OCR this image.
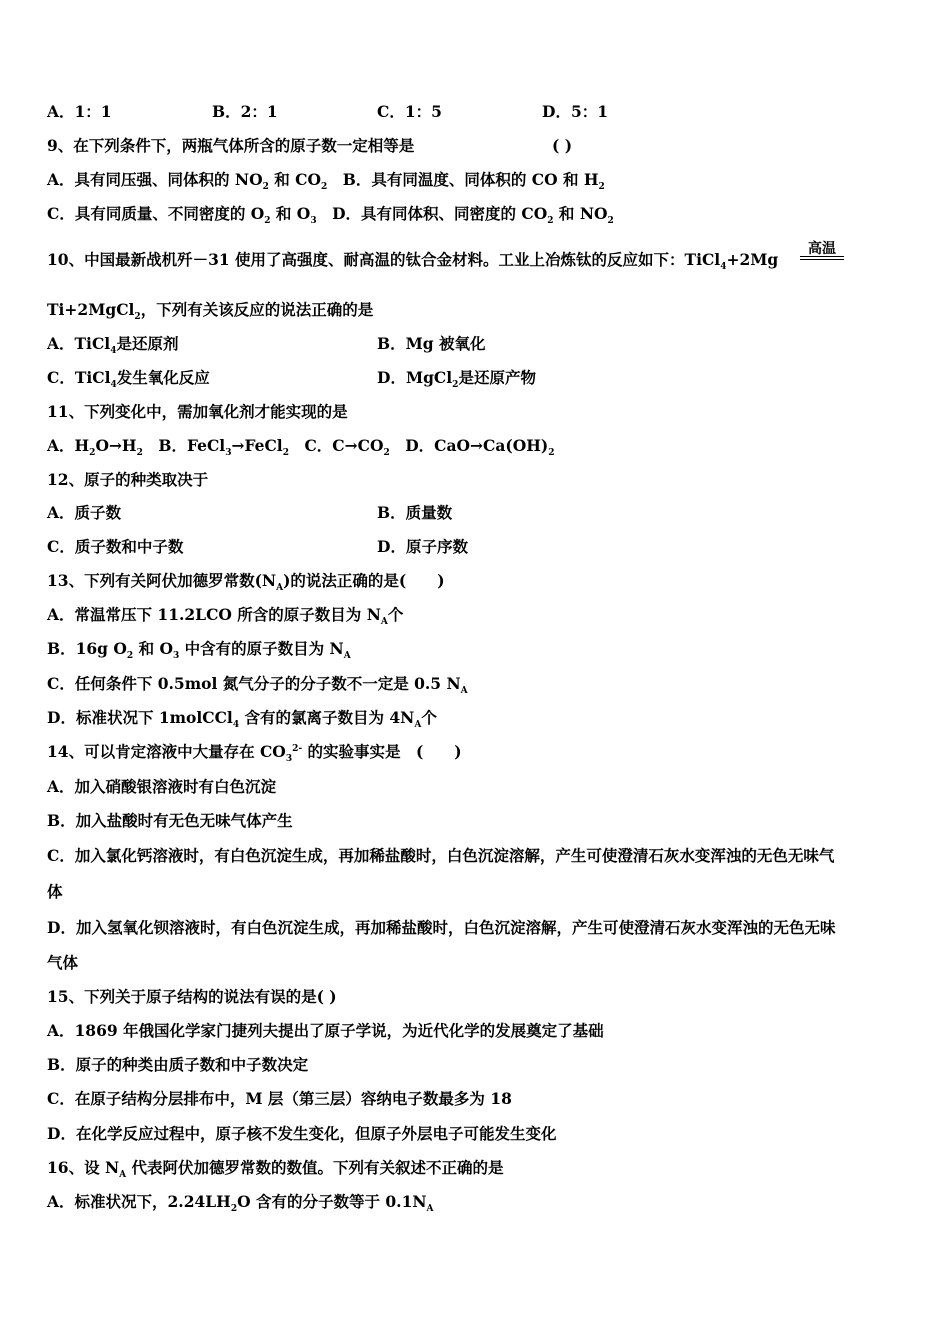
高温
A．1：1	B．2：1	C．1：5	D．5：1
9、在下列条件下，两瓶气体所含的原子数一定相等是	( )
A．具有同压强、同体积的 $NO_2$ 和 $CO_2$　B．具有同温度、同体积的 CO 和 $H_2$
C．具有同质量、不同密度的 $O_2$ 和 $O_3$　D．具有同体积、同密度的 $CO_2$ 和 $NO_2$
10、中国最新战机歼－31 使用了高强度、耐高温的钛合金材料。工业上冶炼钛的反应如下：TiCl$_4$+2Mg
Ti+2MgCl$_2$，下列有关该反应的说法正确的是
A．TiCl$_4$是还原剂	B．Mg 被氧化
C．TiCl$_4$发生氧化反应	D．MgCl$_2$是还原产物
11、下列变化中，需加氧化剂才能实现的是
A．$H_2O\to H_2$　B．FeCl$_3$→FeCl$_2$　C．$C\to CO_2$　D．$CaO\to Ca(OH)_2$
12、原子的种类取决于
A．质子数	B．质量数
C．质子数和中子数	D．原子序数
13、下列有关阿伏加德罗常数$(N_A)$的说法正确的是(　　)
A．常温常压下 11.2LCO 所含的原子数目为 $N_A$个
B．16g $O_2$ 和 $O_3$ 中含有的原子数目为 $N_A$
C．任何条件下 0.5mol 氮气分子的分子数不一定是 0.5 $N_A$
D．标准状况下 1molCCl$_4$ 含有的氯离子数目为 $4N_A$个
14、可以肯定溶液中大量存在 $CO_3^{2-}$ 的实验事实是　(　　)
A．加入硝酸银溶液时有白色沉淀
B．加入盐酸时有无色无味气体产生
C．加入氯化钙溶液时，有白色沉淀生成，再加稀盐酸时，白色沉淀溶解，产生可使澄清石灰水变浑浊的无色无味气
体
D．加入氢氧化钡溶液时，有白色沉淀生成，再加稀盐酸时，白色沉淀溶解，产生可使澄清石灰水变浑浊的无色无味
气体
15、下列关于原子结构的说法有误的是( )
A．1869 年俄国化学家门捷列夫提出了原子学说，为近代化学的发展奠定了基础
B．原子的种类由质子数和中子数决定
C．在原子结构分层排布中，M 层（第三层）容纳电子数最多为 18
D．在化学反应过程中，原子核不发生变化，但原子外层电子可能发生变化
16、设 $N_A$ 代表阿伏加德罗常数的数值。下列有关叙述不正确的是
A．标准状况下，$2.24LH_2O$ 含有的分子数等于 $0.1N_A$
